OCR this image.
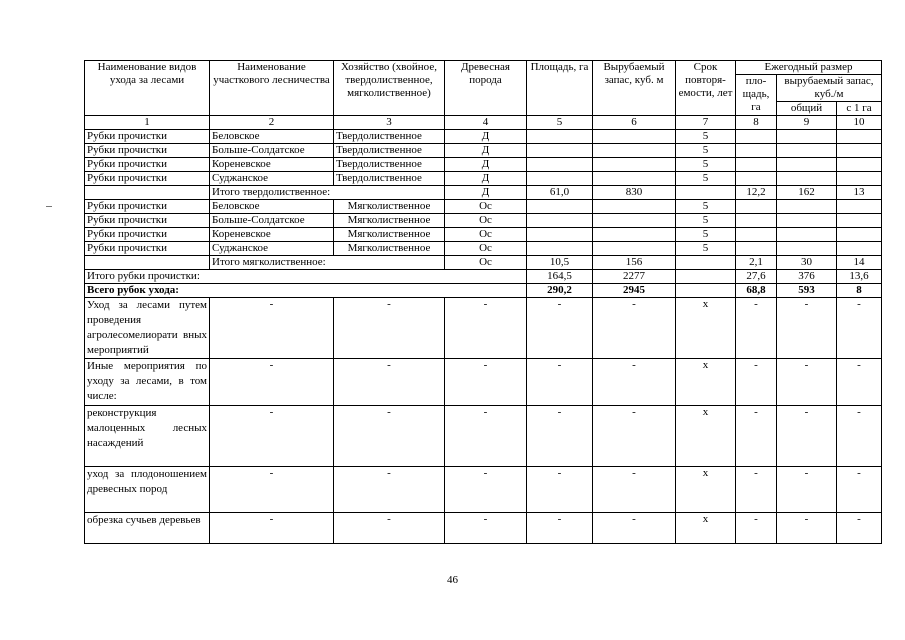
Наименование видов ухода за лесами	Наименование участкового лесничества	Хозяйство (хвойное, твердолиственное, мягколиственное)	Древесная порода	Площадь, га	Вырубаемый запас, куб. м	Срок повторя-емости, лет	Ежегодный размер		
							пло-щадь, га	вырубаемый запас, куб./м	
								общий	с 1 га

1	2	3	4	5	6	7	8	9	10
Рубки прочистки	Беловское	Твердолиственное	Д			5			
Рубки прочистки	Больше-Солдатское	Твердолиственное	Д			5			
Рубки прочистки	Кореневское	Твердолиственное	Д			5			
Рубки прочистки	Суджанское	Твердолиственное	Д			5			
	Итого твердолиственное:		Д	61,0	830		12,2	162	13
Рубки прочистки	Беловское	Мягколиственное	Ос			5			
Рубки прочистки	Больше-Солдатское	Мягколиственное	Ос			5			
Рубки прочистки	Кореневское	Мягколиственное	Ос			5			
Рубки прочистки	Суджанское	Мягколиственное	Ос			5			
	Итого мягколиственное:		Ос	10,5	156		2,1	30	14
Итого рубки прочистки:				164,5	2277		27,6	376	13,6
Всего рубок ухода:				290,2	2945		68,8	593	8
Уход за лесами путем проведения агролесомелиорати вных мероприятий	-	-	-	-	-	х	-	-	-
Иные мероприятия по уходу за лесами, в том числе:	-	-	-	-	-	х	-	-	-
реконструкция малоценных лесных насаждений	-	-	-	-	-	х	-	-	-
уход за плодоношением древесных пород	-	-	-	-	-	х	-	-	-
обрезка сучьев деревьев	-	-	-	-	-	х	-	-	-
46
